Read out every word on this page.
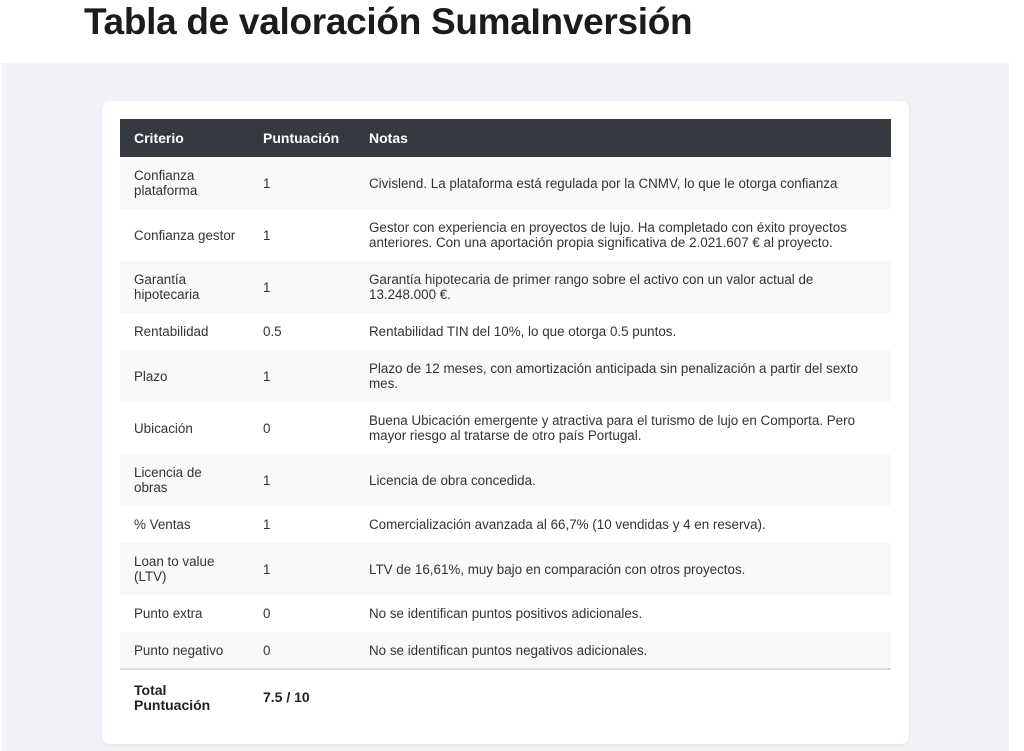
Tabla de valoración SumaInversión
Criterio	Puntuación	Notas
Confianza plataforma	1	Civislend. La plataforma está regulada por la CNMV, lo que le otorga confianza
Confianza gestor	1	Gestor con experiencia en proyectos de lujo. Ha completado con éxito proyectos anteriores. Con una aportación propia significativa de 2.021.607 € al proyecto.
Garantía hipotecaria	1	Garantía hipotecaria de primer rango sobre el activo con un valor actual de 13.248.000 €.
Rentabilidad	0.5	Rentabilidad TIN del 10%, lo que otorga 0.5 puntos.
Plazo	1	Plazo de 12 meses, con amortización anticipada sin penalización a partir del sexto mes.
Ubicación	0	Buena Ubicación emergente y atractiva para el turismo de lujo en Comporta. Pero mayor riesgo al tratarse de otro país Portugal.
Licencia de obras	1	Licencia de obra concedida.
% Ventas	1	Comercialización avanzada al 66,7% (10 vendidas y 4 en reserva).
Loan to value (LTV)	1	LTV de 16,61%, muy bajo en comparación con otros proyectos.
Punto extra	0	No se identifican puntos positivos adicionales.
Punto negativo	0	No se identifican puntos negativos adicionales.
Total Puntuación	7.5 / 10	
